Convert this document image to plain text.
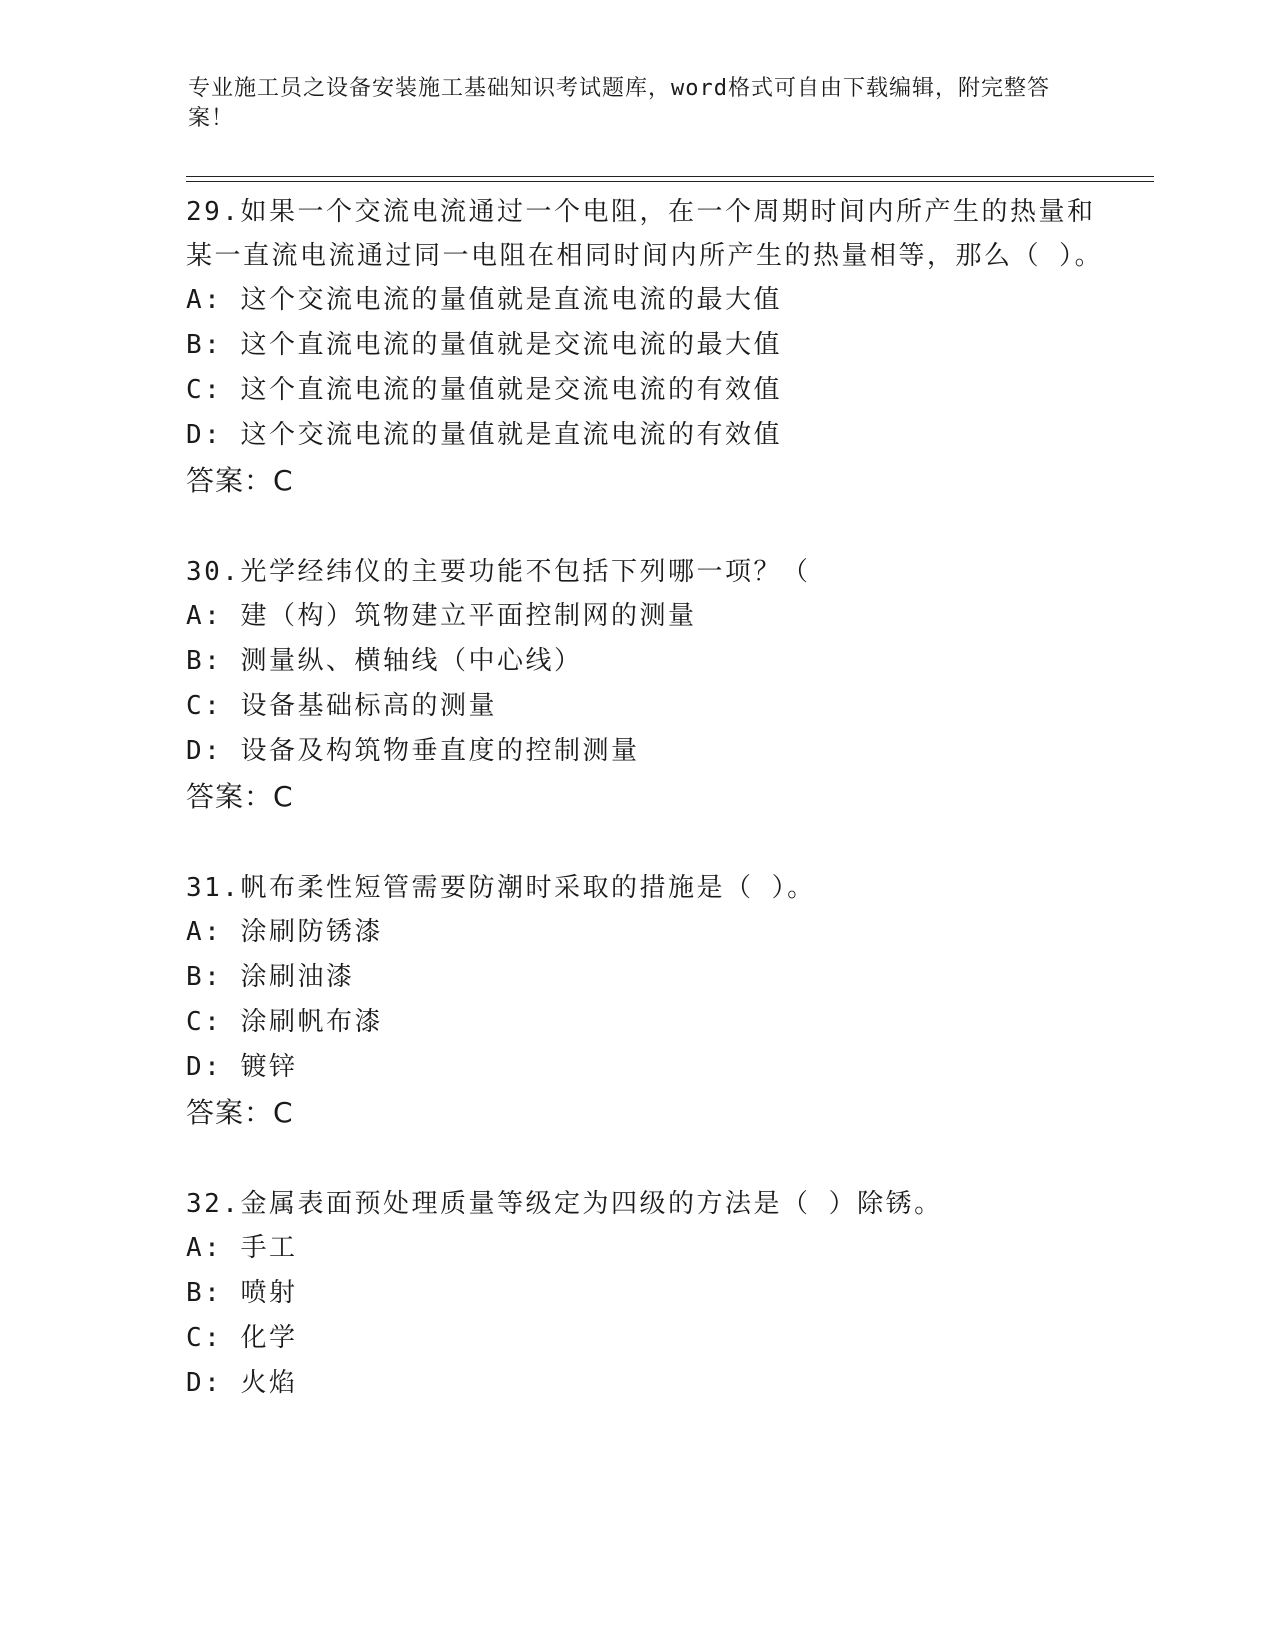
专业施工员之设备安装施工基础知识考试题库，word格式可自由下载编辑，附完整答案！
29.如果一个交流电流通过一个电阻，在一个周期时间内所产生的热量和某一直流电流通过同一电阻在相同时间内所产生的热量相等，那么（ ）。
A: 这个交流电流的量值就是直流电流的最大值
B: 这个直流电流的量值就是交流电流的最大值
C: 这个直流电流的量值就是交流电流的有效值
D: 这个交流电流的量值就是直流电流的有效值
答案：C
30.光学经纬仪的主要功能不包括下列哪一项？（
A: 建（构）筑物建立平面控制网的测量
B: 测量纵、横轴线（中心线）
C: 设备基础标高的测量
D: 设备及构筑物垂直度的控制测量
答案：C
31.帆布柔性短管需要防潮时采取的措施是（ ）。
A: 涂刷防锈漆
B: 涂刷油漆
C: 涂刷帆布漆
D: 镀锌
答案：C
32.金属表面预处理质量等级定为四级的方法是（ ）除锈。
A: 手工
B: 喷射
C: 化学
D: 火焰
